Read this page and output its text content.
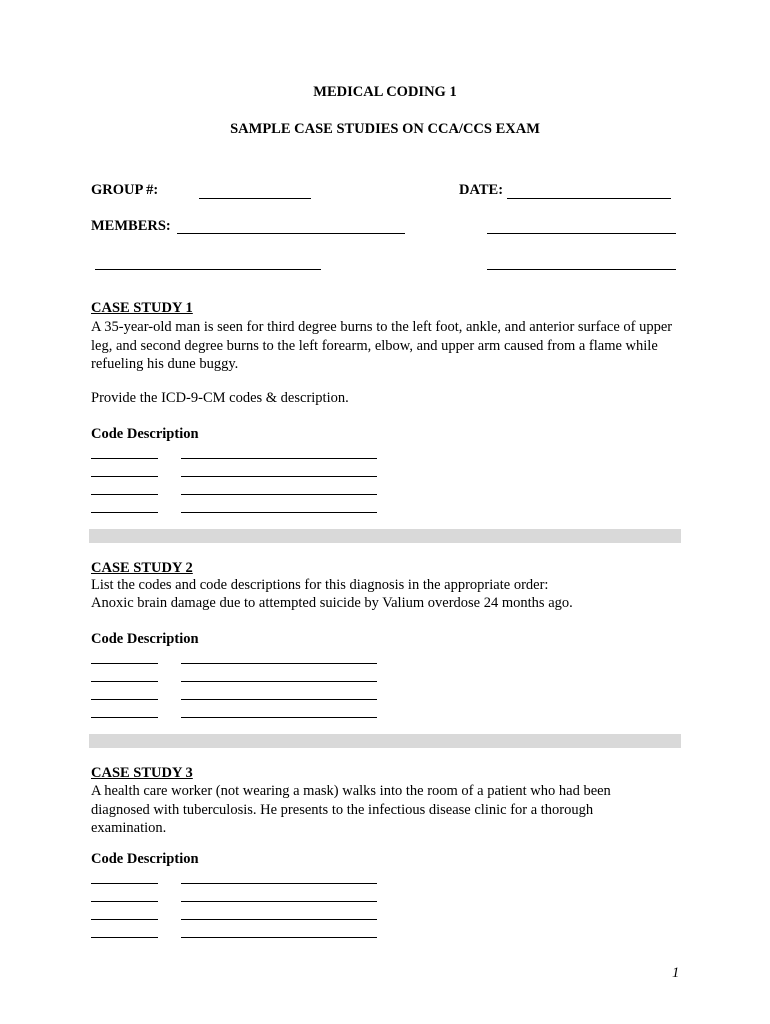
MEDICAL CODING 1
SAMPLE CASE STUDIES ON CCA/CCS EXAM
GROUP #:	DATE:
MEMBERS:
CASE STUDY 1
A 35-year-old man is seen for third degree burns to the left foot, ankle, and anterior surface of upper leg, and second degree burns to the left forearm, elbow, and upper arm caused from a flame while refueling his dune buggy.
Provide the ICD-9-CM codes & description.
Code Description
CASE STUDY 2
List the codes and code descriptions for this diagnosis in the appropriate order:
Anoxic brain damage due to attempted suicide by Valium overdose 24 months ago.
Code Description
CASE STUDY 3
A health care worker (not wearing a mask) walks into the room of a patient who had been diagnosed with tuberculosis. He presents to the infectious disease clinic for a thorough examination.
Code Description
1
